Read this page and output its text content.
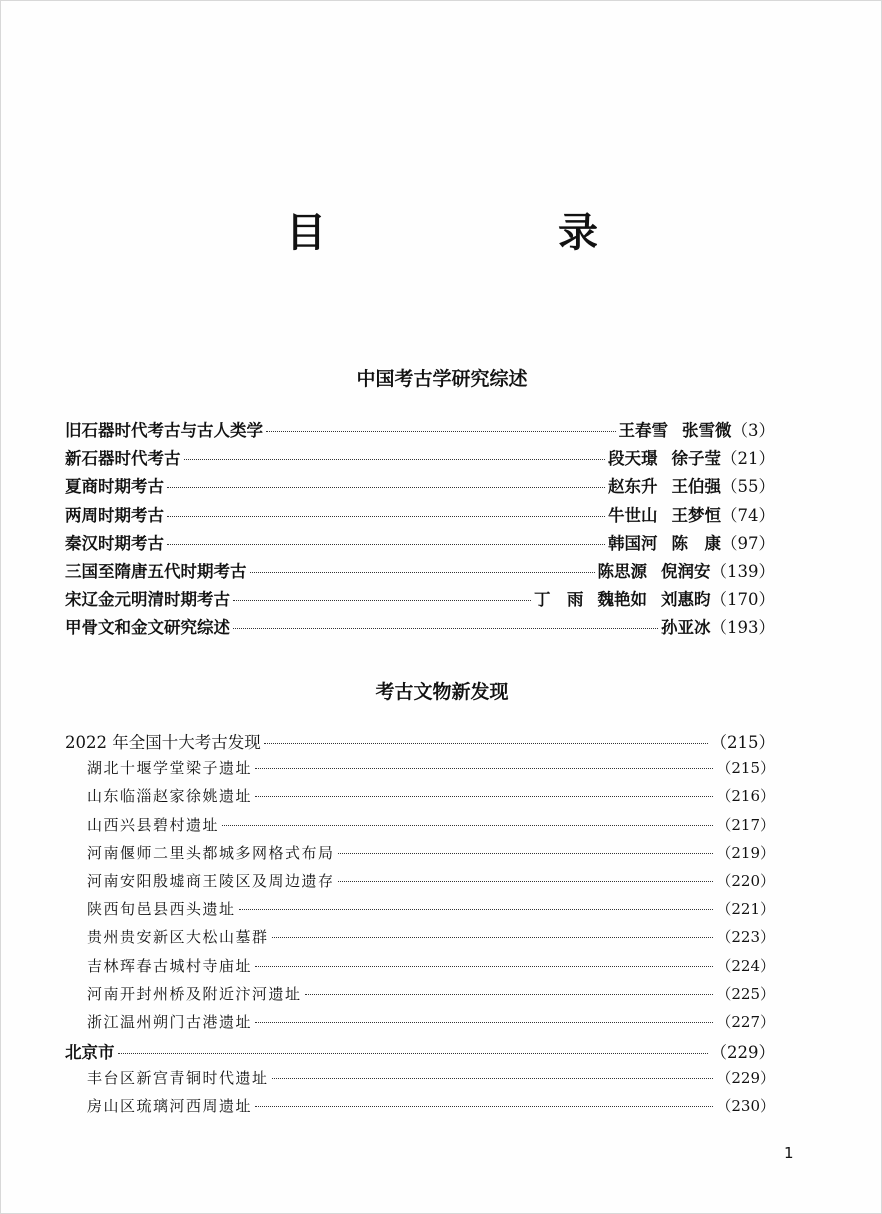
目　录
中国考古学研究综述
旧石器时代考古与古人类学	王春雪 张雪微 （3）
新石器时代考古	段天璟 徐子莹 （21）
夏商时期考古	赵东升 王伯强 （55）
两周时期考古	牛世山 王梦恒 （74）
秦汉时期考古	韩国河 陈　康 （97）
三国至隋唐五代时期考古	陈思源 倪润安 （139）
宋辽金元明清时期考古	丁　雨 魏艳如 刘惠昀 （170）
甲骨文和金文研究综述	孙亚冰 （193）
考古文物新发现
2022 年全国十大考古发现	（215）
湖北十堰学堂梁子遗址	（215）
山东临淄赵家徐姚遗址	（216）
山西兴县碧村遗址	（217）
河南偃师二里头都城多网格式布局	（219）
河南安阳殷墟商王陵区及周边遗存	（220）
陕西旬邑县西头遗址	（221）
贵州贵安新区大松山墓群	（223）
吉林珲春古城村寺庙址	（224）
河南开封州桥及附近汴河遗址	（225）
浙江温州朔门古港遗址	（227）
北京市	（229）
丰台区新宫青铜时代遗址	（229）
房山区琉璃河西周遗址	（230）
1
